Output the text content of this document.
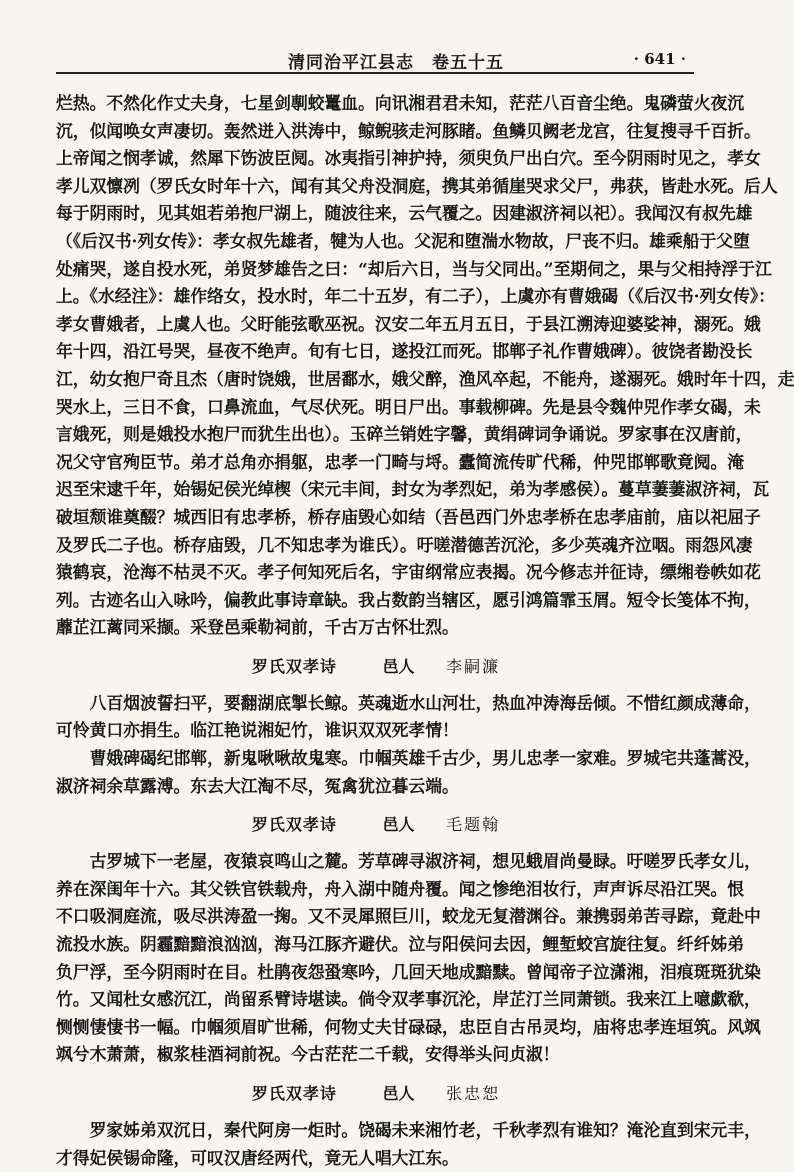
清同治平江县志　卷五十五	· 641 ·
烂热。不然化作丈夫身，七星剑剸蛟鼍血。向讯湘君君未知，茫茫八百音尘绝。鬼磷萤火夜沉
沉，似闻唤女声凄切。轰然迸入洪涛中，鲸鲵骇走河豚睹。鱼鳞贝阙老龙宫，往复搜寻千百折。
上帝闻之悯孝诚，然犀下饬波臣阋。冰夷指引神护持，须臾负尸出白穴。至今阴雨时见之，孝女
孝儿双懔冽（罗氏女时年十六，闻有其父舟没洞庭，携其弟循崖哭求父尸，弗获，皆赴水死。后人
每于阴雨时，见其姐若弟抱尸湖上，随波往来，云气覆之。因建淑济祠以祀）。我闻汉有叔先雄
（《后汉书·列女传》：孝女叔先雄者，犍为人也。父泥和堕湍水物故，尸丧不归。雄乘船于父堕
处痛哭，遂自投水死，弟贤梦雄告之曰：“却后六日，当与父同出。”至期伺之，果与父相持浮于江
上。《水经注》：雄作络女，投水时，年二十五岁，有二子），上虞亦有曹娥碣（《后汉书·列女传》：
孝女曹娥者，上虞人也。父盱能弦歌巫祝。汉安二年五月五日，于县江溯涛迎婆娑神，溺死。娥
年十四，沿江号哭，昼夜不绝声。旬有七日，遂投江而死。邯郸子礼作曹娥碑）。彼饶者勘没长
江，幼女抱尸奇且杰（唐时饶娥，世居鄱水，娥父醉，渔风卒起，不能舟，遂溺死。娥时年十四，走
哭水上，三日不食，口鼻流血，气尽伏死。明日尸出。事载柳碑。先是县令魏仲兕作孝女碣，未
言娥死，则是娥投水抱尸而犹生出也）。玉碎兰销姓字馨，黄绢碑词争诵说。罗家事在汉唐前，
况父守官殉臣节。弟才总角亦捐躯，忠孝一门畸与埒。蠹简流传旷代稀，仲兕邯郸歌竟阋。淹
迟至宋逮千年，始锡妃侯光绰楔（宋元丰间，封女为孝烈妃，弟为孝感侯）。蔓草萋萋淑济祠，瓦
破垣颓谁奠醊？城西旧有忠孝桥，桥存庙毁心如结（吾邑西门外忠孝桥在忠孝庙前，庙以祀屈子
及罗氏二子也。桥存庙毁，几不知忠孝为谁氏）。吁嗟潜德苦沉沦，多少英魂齐泣咽。雨怨风凄
猿鹤哀，沧海不枯灵不灭。孝子何知死后名，宇宙纲常应表揭。况今修志并征诗，缥缃卷帙如花
列。古迹名山入咏吟，偏教此事诗章缺。我占数韵当辖区，愿引鸿篇霏玉屑。短令长笺体不拘，
蘼芷江蓠同采撷。采登邑乘勒祠前，千古万古怀壮烈。
罗氏双孝诗	邑人 李嗣濂
八百烟波誓扫平，要翻湖底掣长鲸。英魂逝水山河壮，热血冲涛海岳倾。不惜红颜成薄命，
可怜黄口亦捐生。临江艳说湘妃竹，谁识双双死孝情！
曹娥碑碣纪邯郸，新鬼啾啾故鬼寒。巾帼英雄千古少，男儿忠孝一家难。罗城宅共蓬蒿没，
淑济祠余草露溥。东去大江淘不尽，冤禽犹泣暮云端。
罗氏双孝诗	邑人 毛题翰
古罗城下一老屋，夜猿哀鸣山之麓。芳草碑寻淑济祠，想见蛾眉尚曼睩。吁嗟罗氏孝女儿，
养在深闺年十六。其父铁官铁载舟，舟入湖中随舟覆。闻之惨绝泪妆行，声声诉尽沿江哭。恨
不口吸洞庭流，吸尽洪涛盈一掬。又不灵犀照巨川，蛟龙无复潜渊谷。兼携弱弟苦寻踪，竟赴中
流投水族。阴霾黯黯浪汹汹，海马江豚齐避伏。泣与阳侯问去因，鲤堑蛟宫旋往复。纤纤姊弟
负尸浮，至今阴雨时在目。杜鹃夜怨蛩寒吟，几回天地成黯黩。曾闻帝子泣潇湘，泪痕斑斑犹染
竹。又闻杜女感沉江，尚留系臂诗堪读。倘令双孝事沉沦，岸芷汀兰同萧锁。我来江上噫歔欷，
恻恻悽悽书一幅。巾帼须眉旷世稀，何物丈夫甘碌碌，忠臣自古吊灵均，庙将忠孝连垣筑。风飒
飒兮木萧萧，椒浆桂酒祠前祝。今古茫茫二千载，安得举头问贞淑！
罗氏双孝诗	邑人 张忠恕
罗家姊弟双沉日，秦代阿房一炬时。饶碣未来湘竹老，千秋孝烈有谁知？淹沦直到宋元丰，
才得妃侯锡命隆，可叹汉唐经两代，竟无人唱大江东。
